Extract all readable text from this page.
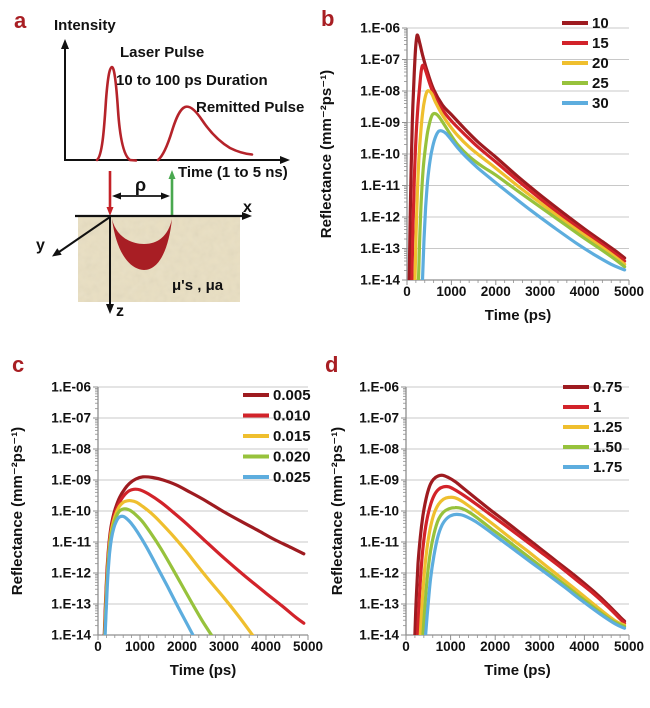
Intensity
Laser Pulse
10 to 100 ps Duration
Remitted Pulse
Time (1 to 5 ns)
ρ
x
y
z
μ's , μa
1.E-06
1.E-07
1.E-08
1.E-09
1.E-10
1.E-11
1.E-12
1.E-13
1.E-14
0 1000 2000 3000 4000 5000
Time (ps)
Reflectance (mm⁻²ps⁻¹)
10
15
20
25
30
1.E-06
1.E-07
1.E-08
1.E-09
1.E-10
1.E-11
1.E-12
1.E-13
1.E-14
0 1000 2000 3000 4000 5000
Time (ps)
Reflectance (mm⁻²ps⁻¹)
0.005
0.010
0.015
0.020
0.025
1.E-06
1.E-07
1.E-08
1.E-09
1.E-10
1.E-11
1.E-12
1.E-13
1.E-14
0 1000 2000 3000 4000 5000
Time (ps)
Reflectance (mm⁻²ps⁻¹)
0.75
1
1.25
1.50
1.75
a	b
c	d
